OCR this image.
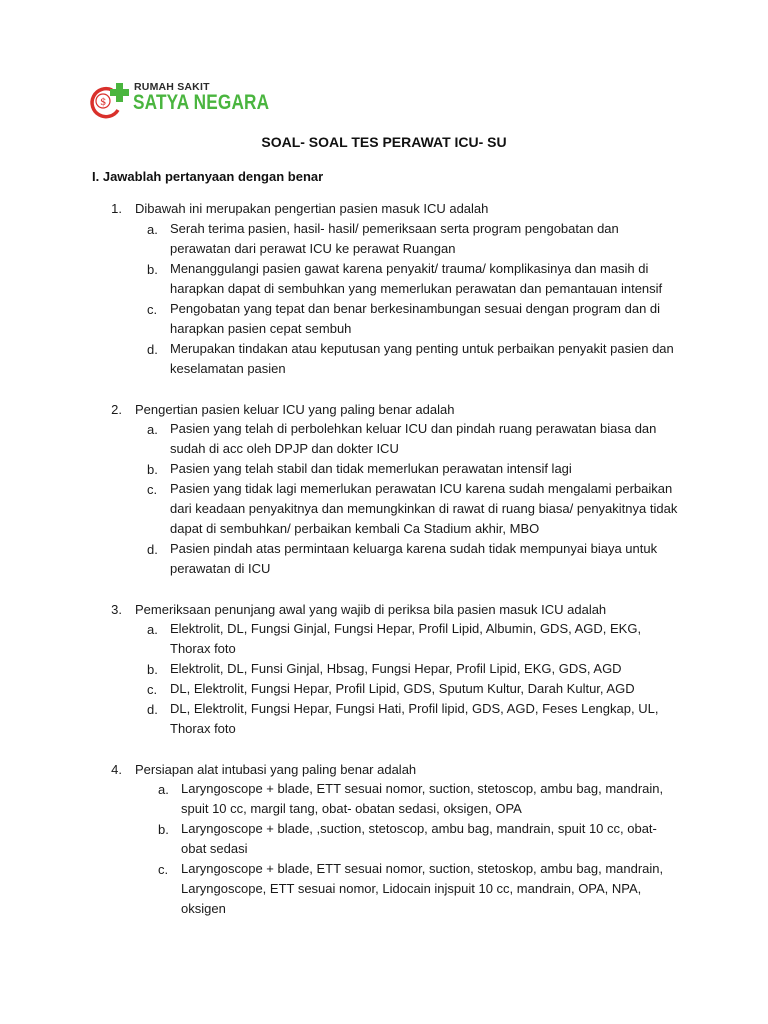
$
RUMAH SAKIT
SATYA NEGARA
SOAL- SOAL TES PERAWAT ICU- SU
I. Jawablah pertanyaan dengan benar
1. Dibawah ini merupakan pengertian pasien masuk ICU adalah
a. Serah terima pasien, hasil- hasil/ pemeriksaan serta program pengobatan dan perawatan dari perawat ICU ke perawat Ruangan
b. Menanggulangi pasien gawat karena penyakit/ trauma/ komplikasinya dan masih di harapkan dapat di sembuhkan yang memerlukan perawatan dan pemantauan intensif
c. Pengobatan yang tepat dan benar berkesinambungan sesuai dengan program dan di harapkan pasien cepat sembuh
d. Merupakan tindakan atau keputusan yang penting untuk perbaikan penyakit pasien dan keselamatan pasien
2. Pengertian pasien keluar ICU yang paling benar adalah
a. Pasien yang telah di perbolehkan keluar ICU dan pindah ruang perawatan biasa dan sudah di acc oleh DPJP dan dokter ICU
b. Pasien yang telah stabil dan tidak memerlukan perawatan intensif lagi
c. Pasien yang tidak lagi memerlukan perawatan ICU karena sudah mengalami perbaikan dari keadaan penyakitnya dan memungkinkan di rawat di ruang biasa/ penyakitnya tidak dapat di sembuhkan/ perbaikan kembali Ca Stadium akhir, MBO
d. Pasien pindah atas permintaan keluarga karena sudah tidak mempunyai biaya untuk perawatan di ICU
3. Pemeriksaan penunjang awal yang wajib di periksa bila pasien masuk ICU adalah
a. Elektrolit, DL, Fungsi Ginjal, Fungsi Hepar, Profil Lipid, Albumin, GDS, AGD, EKG, Thorax foto
b. Elektrolit, DL, Funsi Ginjal, Hbsag, Fungsi Hepar, Profil Lipid, EKG, GDS, AGD
c. DL, Elektrolit, Fungsi Hepar, Profil Lipid, GDS, Sputum Kultur, Darah Kultur, AGD
d. DL, Elektrolit, Fungsi Hepar, Fungsi Hati, Profil lipid, GDS, AGD, Feses Lengkap, UL, Thorax foto
4. Persiapan alat intubasi yang paling benar adalah
a. Laryngoscope + blade, ETT sesuai nomor, suction, stetoscop, ambu bag, mandrain, spuit 10 cc, margil tang, obat- obatan sedasi, oksigen, OPA
b. Laryngoscope + blade, ,suction, stetoscop, ambu bag, mandrain, spuit 10 cc, obat-obat sedasi
c. Laryngoscope + blade, ETT sesuai nomor, suction, stetoskop, ambu bag, mandrain, Laryngoscope, ETT sesuai nomor, Lidocain injspuit 10 cc, mandrain, OPA, NPA, oksigen
